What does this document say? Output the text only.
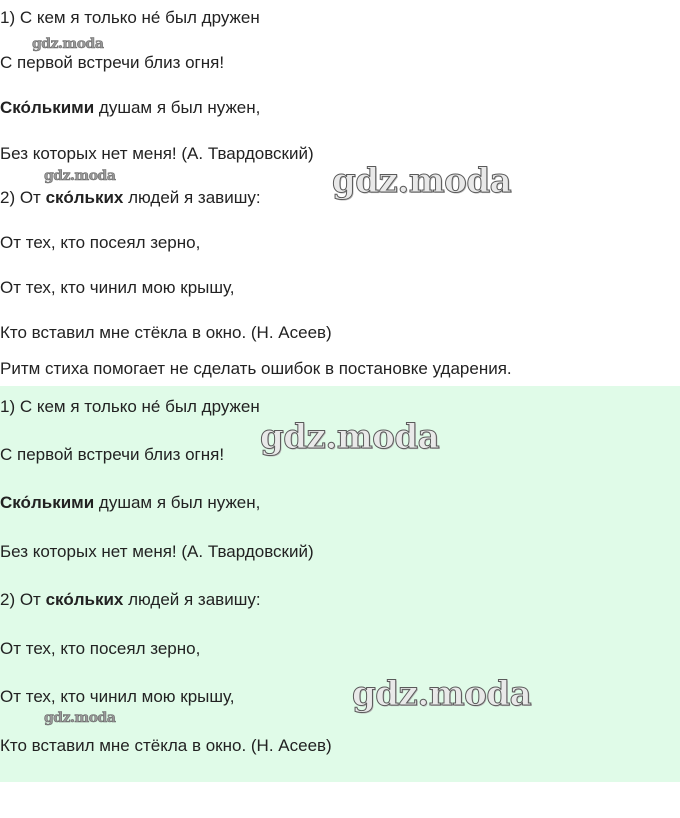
1) С кем я только не́ был дружен

С первой встречи близ огня!

Ско́лькими душам я был нужен,

Без которых нет меня! (А. Твардовский)

2) От ско́льких людей я завишу:

От тех, кто посеял зерно,

От тех, кто чинил мою крышу,

Кто вставил мне стёкла в окно. (Н. Асеев)

Ритм стиха помогает не сделать ошибок в постановке ударения.

1) С кем я только не́ был дружен

С первой встречи близ огня!

Ско́лькими душам я был нужен,

Без которых нет меня! (А. Твардовский)

2) От ско́льких людей я завишу:

От тех, кто посеял зерно,

От тех, кто чинил мою крышу,

Кто вставил мне стёкла в окно. (Н. Асеев)

gdz.moda
gdz.moda	gdz.moda
gdz.moda
gdz.moda
gdz.moda
